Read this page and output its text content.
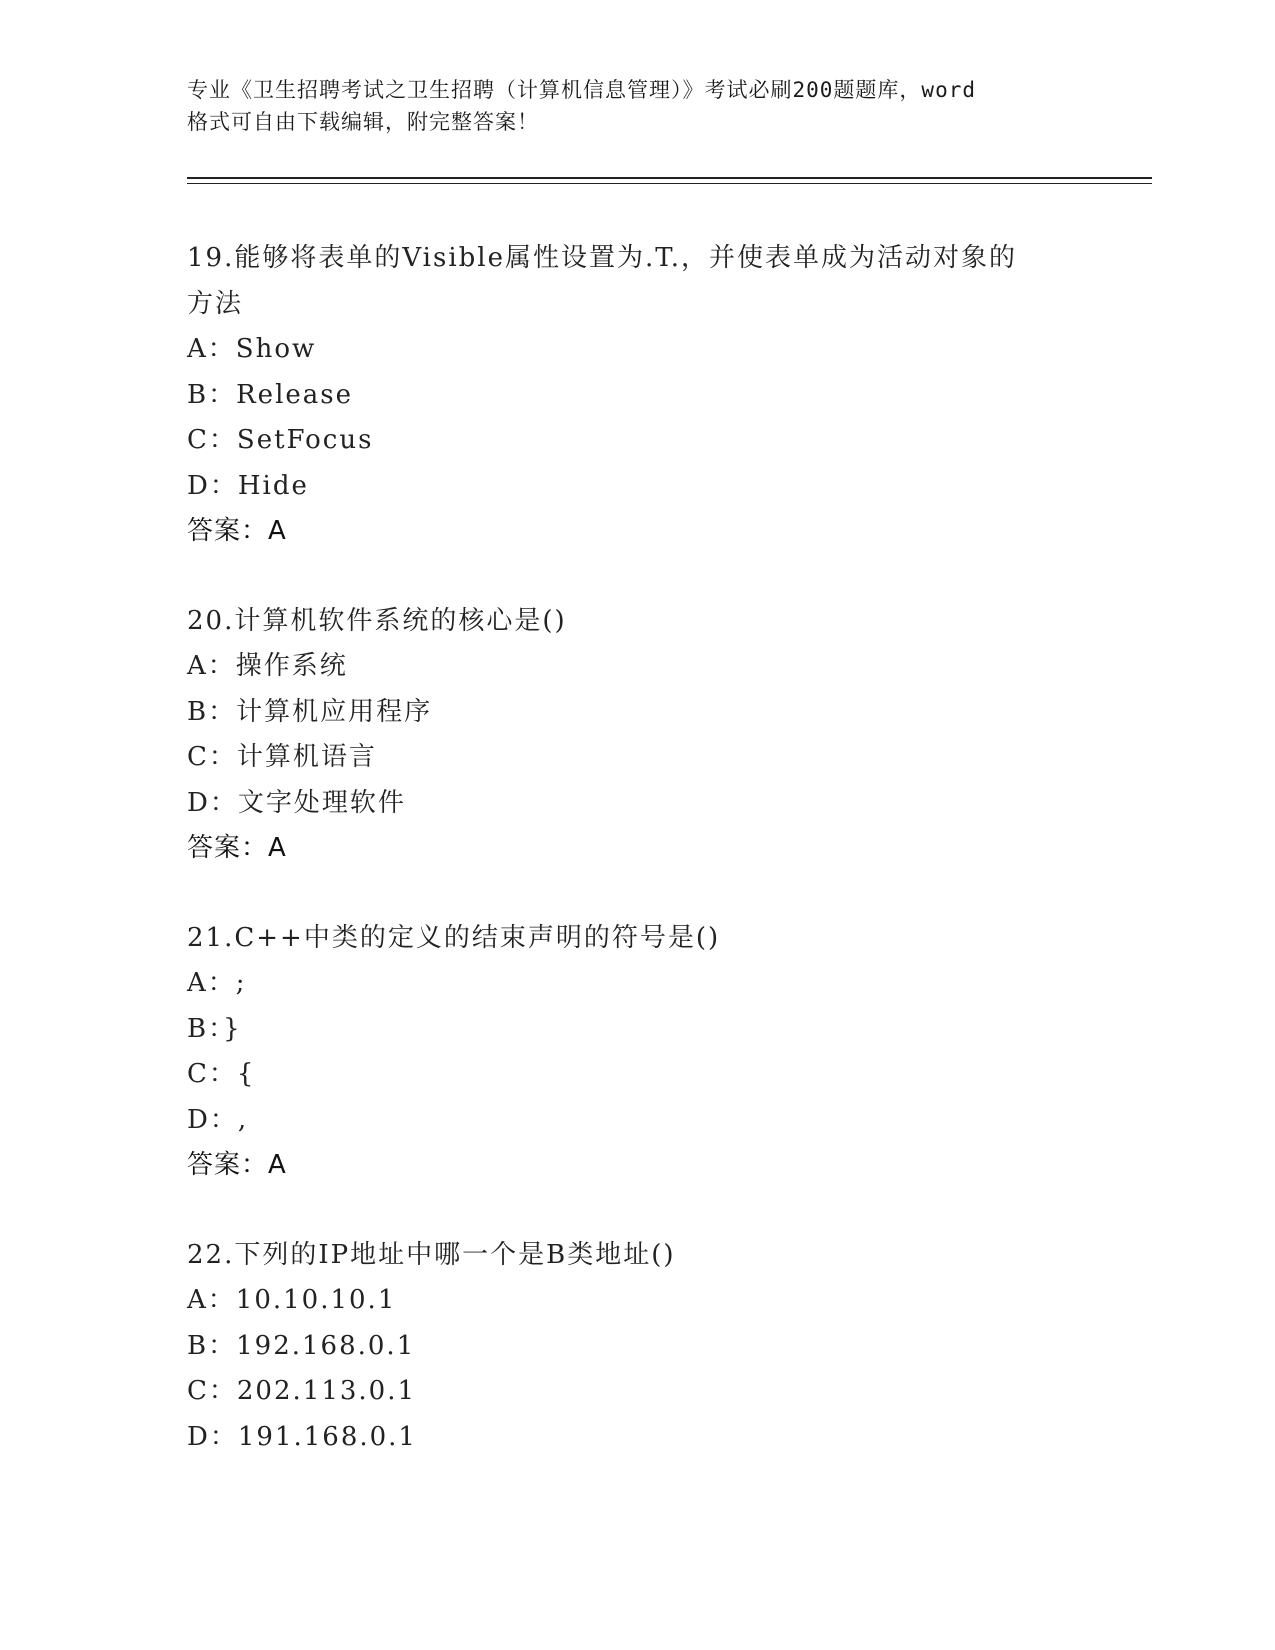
专业《卫生招聘考试之卫生招聘（计算机信息管理）》考试必刷200题题库，word
格式可自由下载编辑，附完整答案！
19.能够将表单的Visible属性设置为.T.，并使表单成为活动对象的
方法
A：Show
B：Release
C：SetFocus
D：Hide
答案：A
20.计算机软件系统的核心是()
A：操作系统
B：计算机应用程序
C：计算机语言
D：文字处理软件
答案：A
21.C++中类的定义的结束声明的符号是()
A：;
B：}
C：{
D：,
答案：A
22.下列的IP地址中哪一个是B类地址()
A：10.10.10.1
B：192.168.0.1
C：202.113.0.1
D：191.168.0.1
